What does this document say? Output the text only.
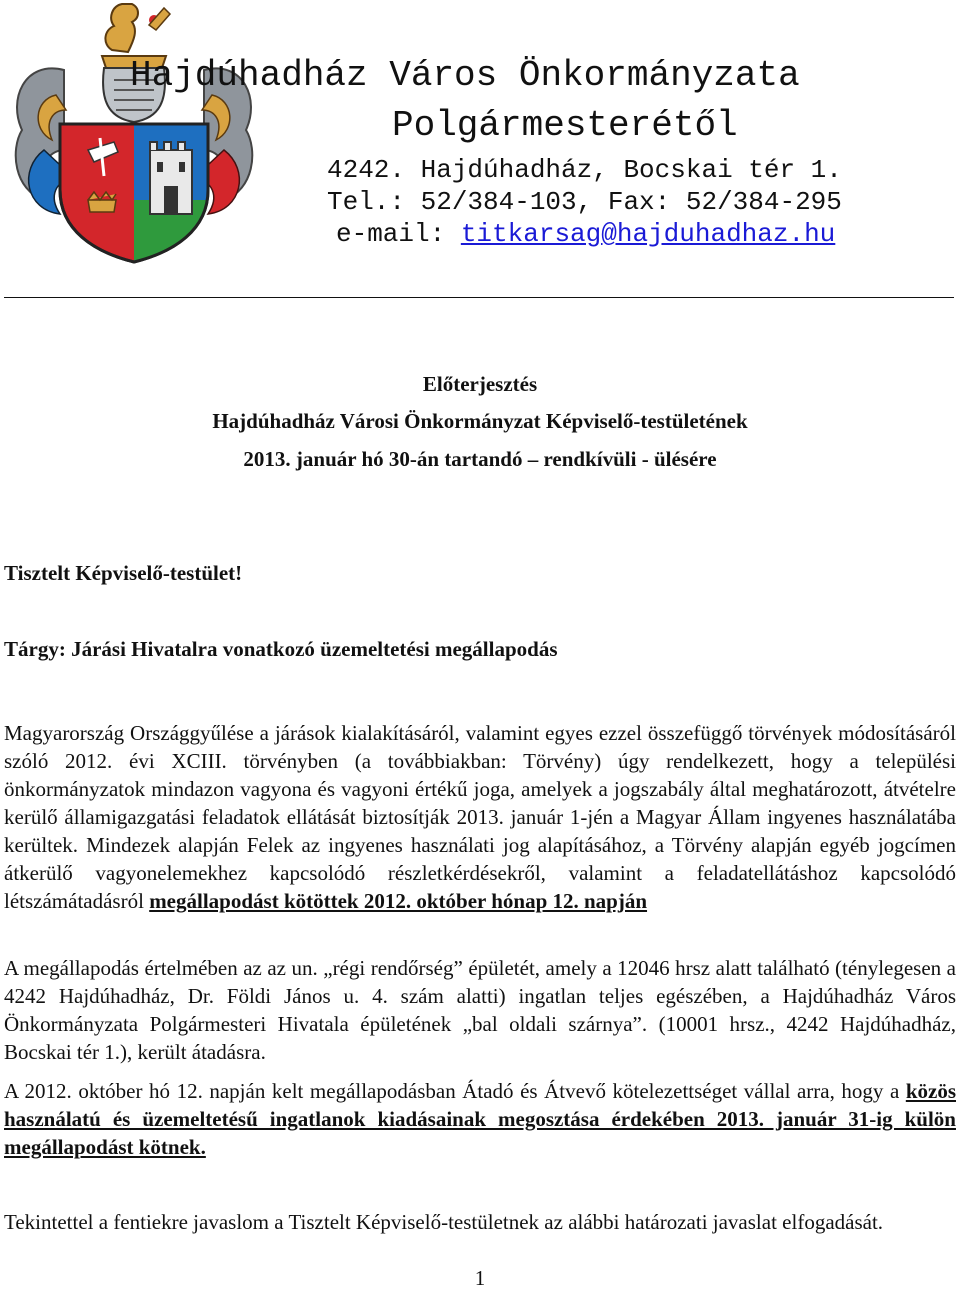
Hajdúhadház Város Önkormányzata
Polgármesterétől
4242. Hajdúhadház, Bocskai tér 1.
Tel.: 52/384-103, Fax: 52/384-295
e-mail: titkarsag@hajduhadhaz.hu
Előterjesztés
Hajdúhadház Városi Önkormányzat Képviselő-testületének
2013. január hó 30-án tartandó – rendkívüli - ülésére
Tisztelt Képviselő-testület!
Tárgy: Járási Hivatalra vonatkozó üzemeltetési megállapodás
Magyarország Országgyűlése a járások kialakításáról, valamint egyes ezzel összefüggő törvények módosításáról szóló 2012. évi XCIII. törvényben (a továbbiakban: Törvény) úgy rendelkezett, hogy a települési önkormányzatok mindazon vagyona és vagyoni értékű joga, amelyek a jogszabály által meghatározott, átvételre kerülő államigazgatási feladatok ellátását biztosítják 2013. január 1-jén a Magyar Állam ingyenes használatába kerültek. Mindezek alapján Felek az ingyenes használati jog alapításához, a Törvény alapján egyéb jogcímen átkerülő vagyonelemekhez kapcsolódó részletkérdésekről, valamint a feladatellátáshoz kapcsolódó létszámátadásról megállapodást kötöttek 2012. október hónap 12. napján
A megállapodás értelmében az az un. „régi rendőrség” épületét, amely a 12046 hrsz alatt található (ténylegesen a 4242 Hajdúhadház, Dr. Földi János u. 4. szám alatti) ingatlan teljes egészében, a Hajdúhadház Város Önkormányzata Polgármesteri Hivatala épületének „bal oldali szárnya”. (10001 hrsz., 4242 Hajdúhadház, Bocskai tér 1.), került átadásra.
A 2012. október hó 12. napján kelt megállapodásban Átadó és Átvevő kötelezettséget vállal arra, hogy a közös használatú és üzemeltetésű ingatlanok kiadásainak megosztása érdekében 2013. január 31-ig külön megállapodást kötnek.
Tekintettel a fentiekre javaslom a Tisztelt Képviselő-testületnek az alábbi határozati javaslat elfogadását.
1
